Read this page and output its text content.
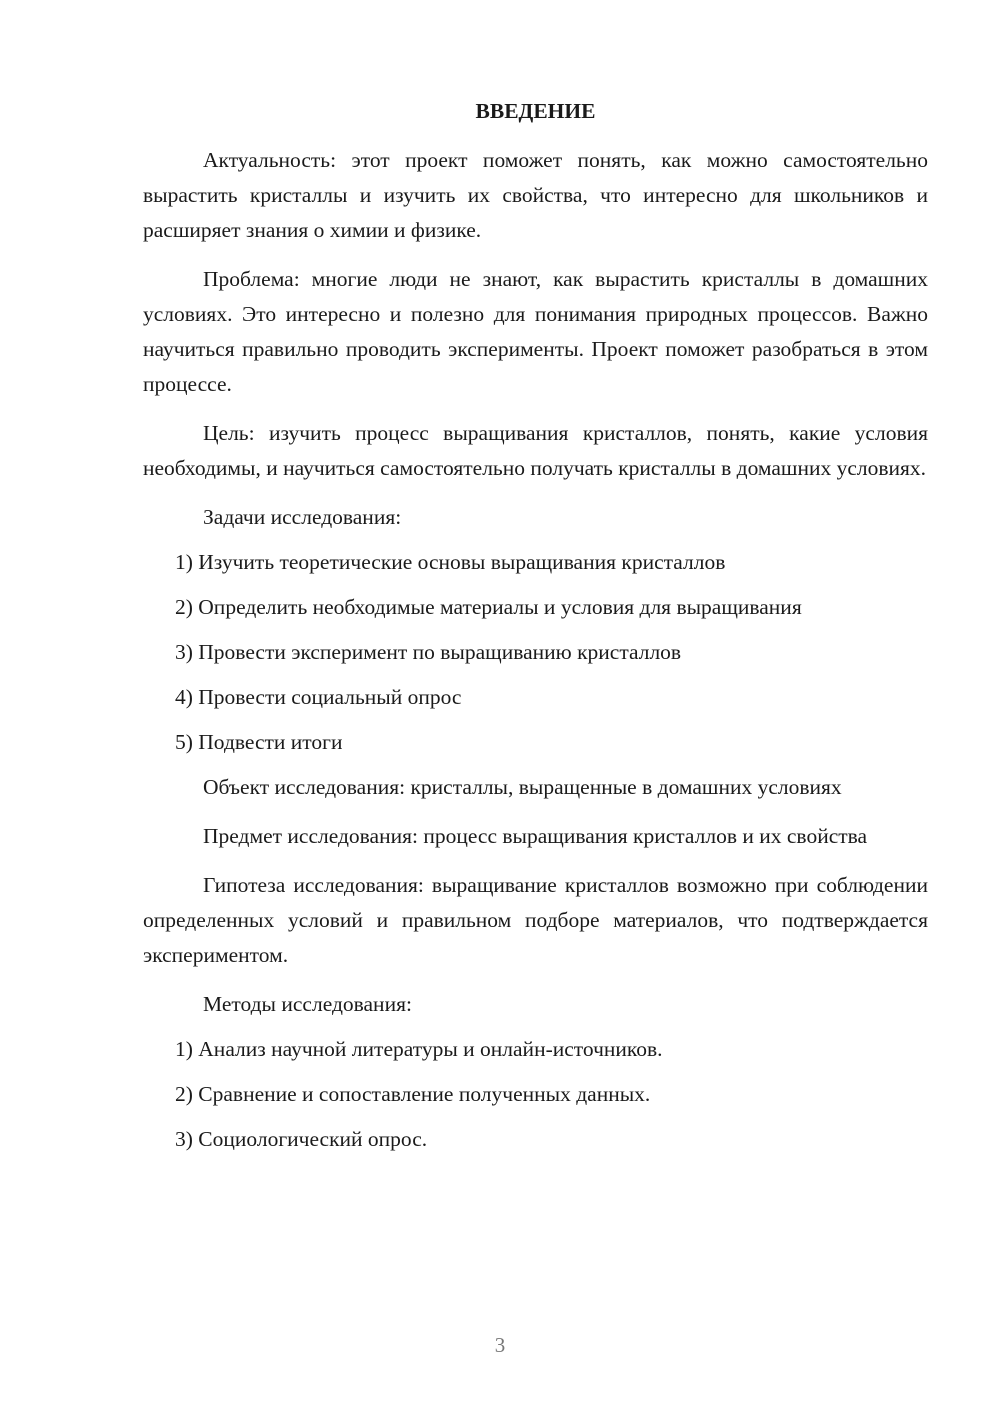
ВВЕДЕНИЕ

Актуальность: этот проект поможет понять, как можно самостоятельно вырастить кристаллы и изучить их свойства, что интересно для школьников и расширяет знания о химии и физике.

Проблема: многие люди не знают, как вырастить кристаллы в домашних условиях. Это интересно и полезно для понимания природных процессов. Важно научиться правильно проводить эксперименты. Проект поможет разобраться в этом процессе.

Цель: изучить процесс выращивания кристаллов, понять, какие условия необходимы, и научиться самостоятельно получать кристаллы в домашних условиях.

Задачи исследования:
1) Изучить теоретические основы выращивания кристаллов
2) Определить необходимые материалы и условия для выращивания
3) Провести эксперимент по выращиванию кристаллов
4) Провести социальный опрос
5) Подвести итоги

Объект исследования: кристаллы, выращенные в домашних условиях

Предмет исследования: процесс выращивания кристаллов и их свойства

Гипотеза исследования: выращивание кристаллов возможно при соблюдении определенных условий и правильном подборе материалов, что подтверждается экспериментом.

Методы исследования:
1) Анализ научной литературы и онлайн-источников.
2) Сравнение и сопоставление полученных данных.
3) Социологический опрос.
3
